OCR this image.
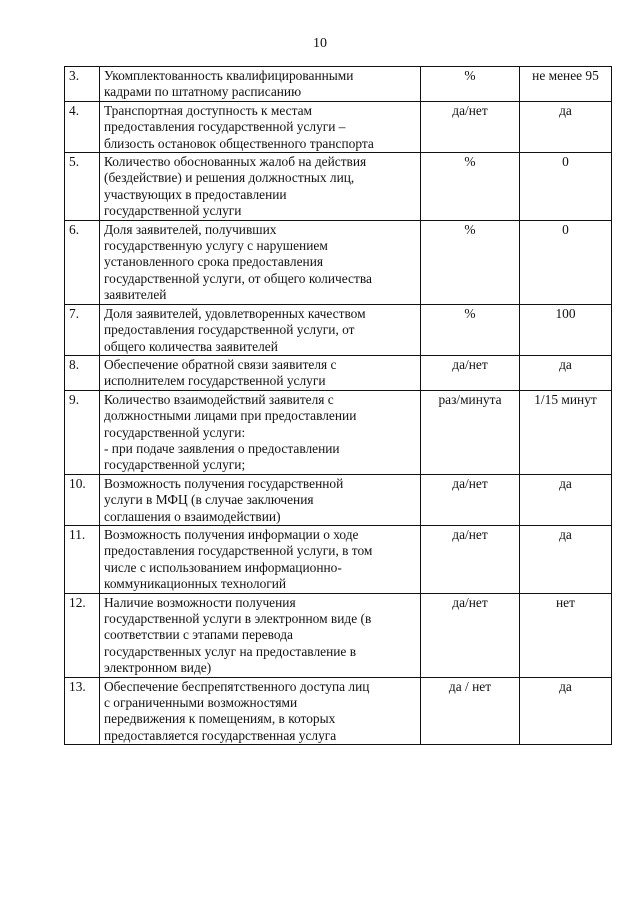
10
3.	Укомплектованность квалифицированными
кадрами по штатному расписанию	%	не менее 95
4.	Транспортная доступность к местам
предоставления государственной услуги –
близость остановок общественного транспорта	да/нет	да
5.	Количество обоснованных жалоб на действия
(бездействие) и решения должностных лиц,
участвующих в предоставлении
государственной услуги	%	0
6.	Доля заявителей, получивших
государственную услугу с нарушением
установленного срока предоставления
государственной услуги, от общего количества
заявителей	%	0
7.	Доля заявителей, удовлетворенных качеством
предоставления государственной услуги, от
общего количества заявителей	%	100
8.	Обеспечение обратной связи заявителя с
исполнителем государственной услуги	да/нет	да
9.	Количество взаимодействий заявителя с
должностными лицами при предоставлении
государственной услуги:
- при подаче заявления о предоставлении
государственной услуги;	раз/минута	1/15 минут
10.	Возможность получения государственной
услуги в МФЦ (в случае заключения
соглашения о взаимодействии)	да/нет	да
11.	Возможность получения информации о ходе
предоставления государственной услуги, в том
числе с использованием информационно-
коммуникационных технологий	да/нет	да
12.	Наличие возможности получения
государственной услуги в электронном виде (в
соответствии с этапами перевода
государственных услуг на предоставление в
электронном виде)	да/нет	нет
13.	Обеспечение беспрепятственного доступа лиц
с ограниченными возможностями
передвижения к помещениям, в которых
предоставляется государственная услуга	да / нет	да
